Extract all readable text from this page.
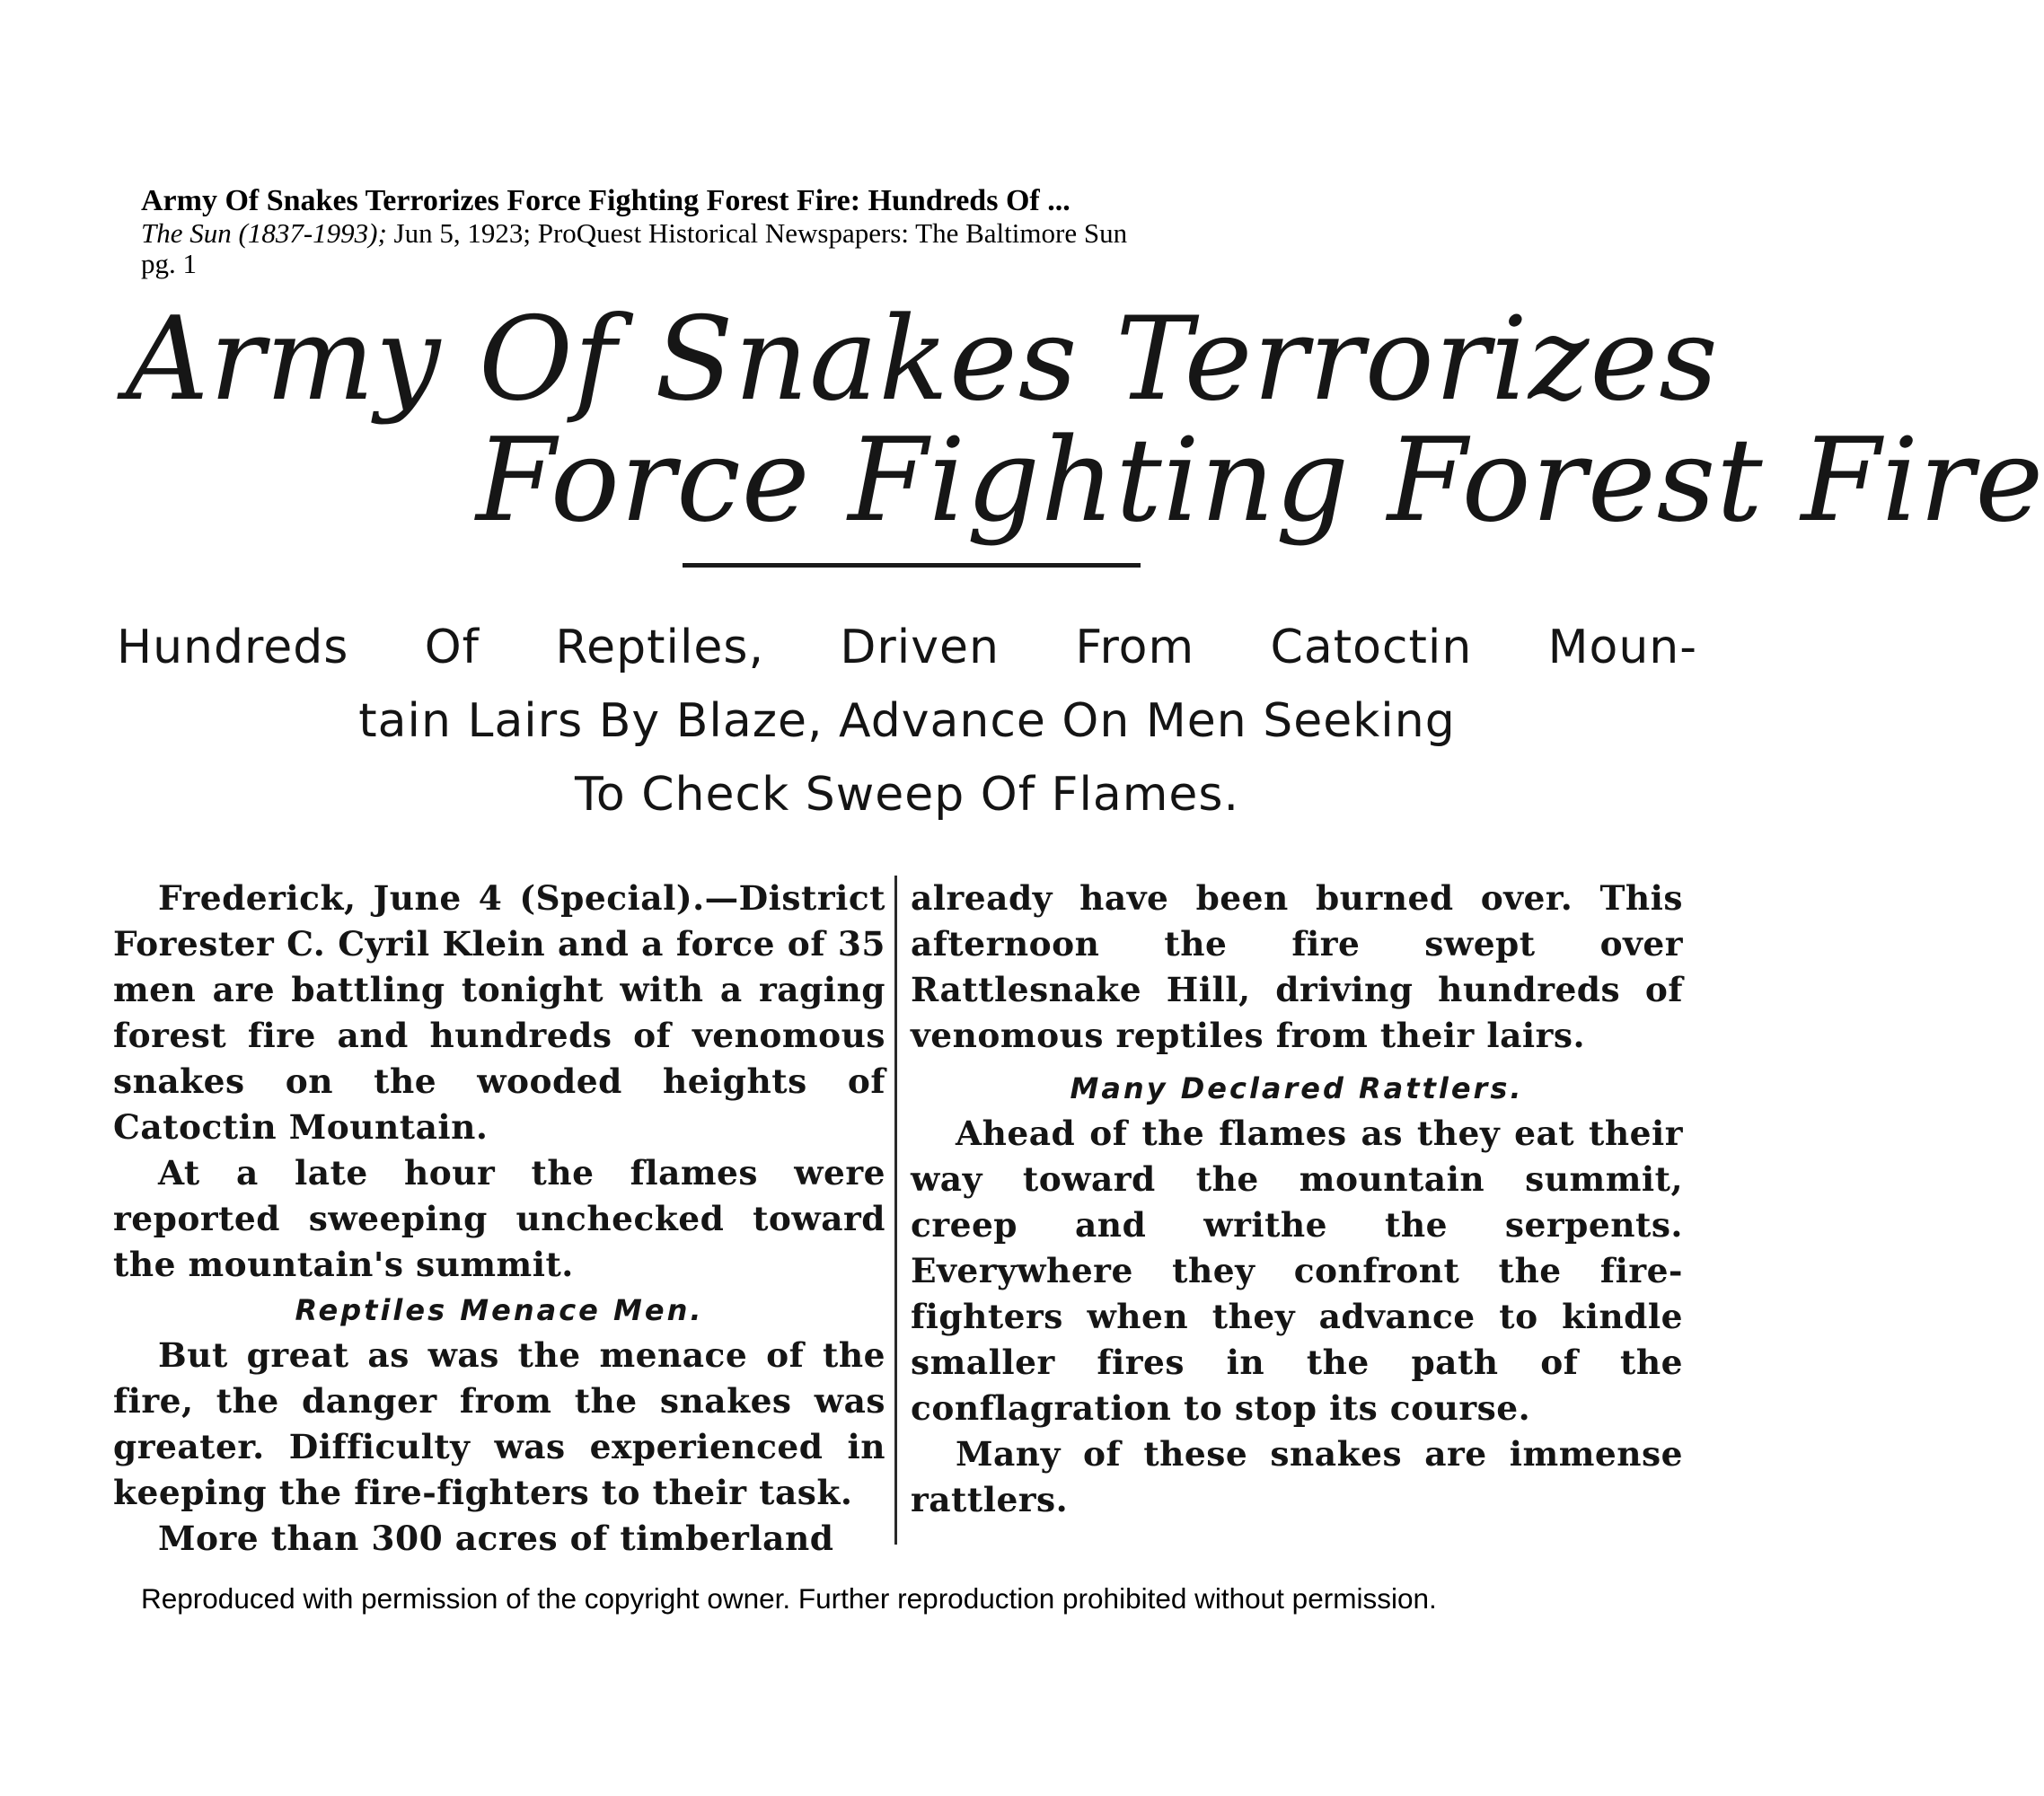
Army Of Snakes Terrorizes Force Fighting Forest Fire: Hundreds Of ...
The Sun (1837-1993); Jun 5, 1923; ProQuest Historical Newspapers: The Baltimore Sun
pg. 1
Army Of Snakes Terrorizes
Force Fighting Forest Fire
Hundreds Of Reptiles, Driven From Catoctin Moun-
tain Lairs By Blaze, Advance On Men Seeking
To Check Sweep Of Flames.

Frederick, June 4 (Special).—District Forester C. Cyril Klein and a force of 35 men are battling tonight with a raging forest fire and hundreds of venomous snakes on the wooded heights of Catoctin Mountain.

At a late hour the flames were reported sweeping unchecked toward the mountain's summit.

Reptiles Menace Men.

But great as was the menace of the fire, the danger from the snakes was greater. Difficulty was experienced in keeping the fire-fighters to their task.

More than 300 acres of timberland

already have been burned over. This afternoon the fire swept over Rattlesnake Hill, driving hundreds of venomous reptiles from their lairs.

Many Declared Rattlers.

Ahead of the flames as they eat their way toward the mountain summit, creep and writhe the serpents. Everywhere they confront the fire-fighters when they advance to kindle smaller fires in the path of the conflagration to stop its course.

Many of these snakes are immense rattlers.

Reproduced with permission of the copyright owner. Further reproduction prohibited without permission.
